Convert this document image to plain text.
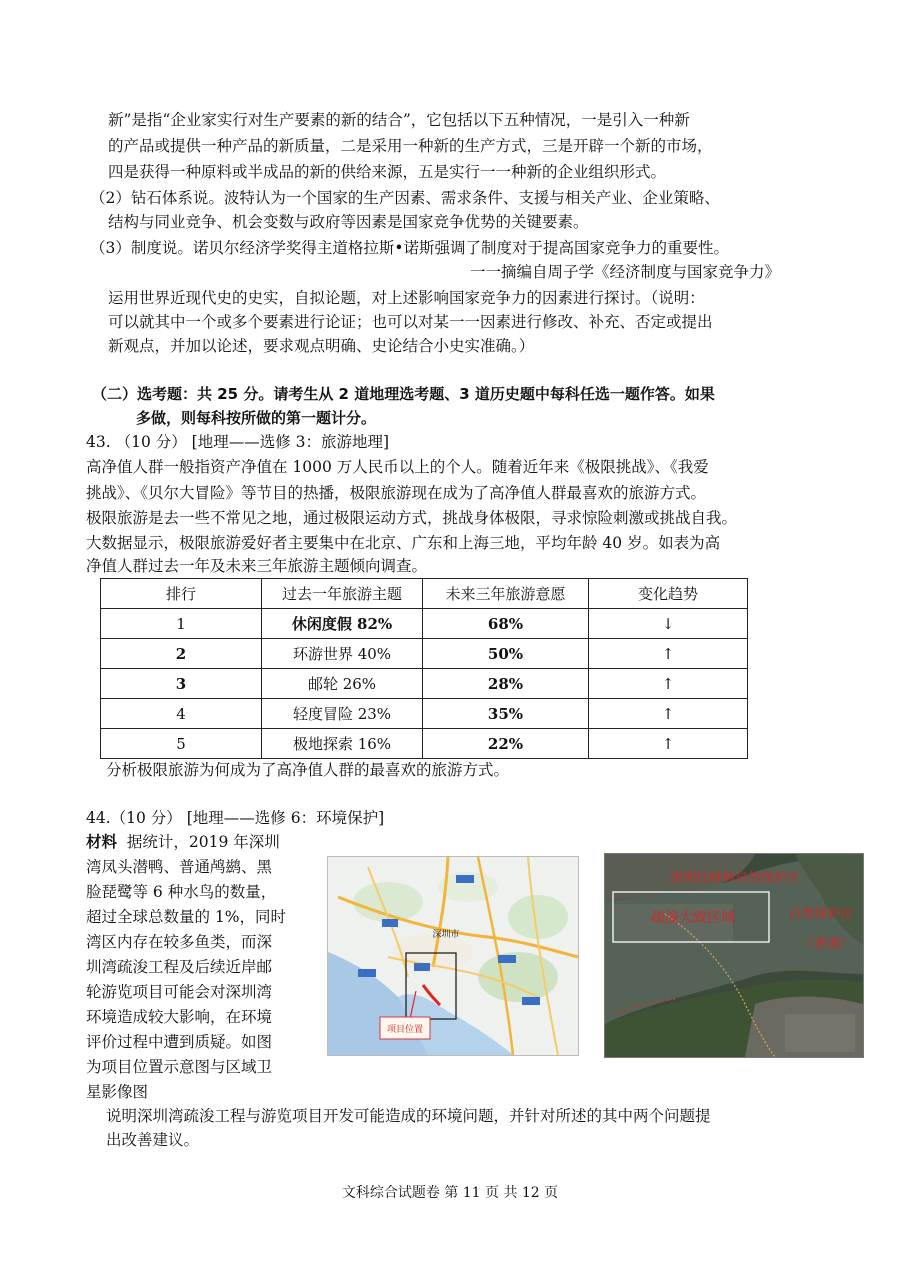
新”是指“企业家实行对生产要素的新的结合”，它包括以下五种情况，一是引入一种新
的产品或提供一种产品的新质量，二是采用一种新的生产方式，三是开辟一个新的市场，
四是获得一种原料或半成品的新的供给来源，五是实行一一种新的企业组织形式。
（2）钻石体系说。波特认为一个国家的生产因素、需求条件、支援与相关产业、企业策略、
结构与同业竞争、机会变数与政府等因素是国家竞争优势的关键要素。
（3）制度说。诺贝尔经济学奖得主道格拉斯•诺斯强调了制度对于提高国家竞争力的重要性。
一一摘编自周子学《经济制度与国家竞争力》
运用世界近现代史的史实，自拟论题，对上述影响国家竞争力的因素进行探讨。（说明：
可以就其中一个或多个要素进行论证；也可以对某一一因素进行修改、补充、否定或提出
新观点，并加以论述，要求观点明确、史论结合小史实准确。）
（二）选考题：共 25 分。请考生从 2 道地理选考题、3 道历史题中每科任选一题作答。如果
多做，则每科按所做的第一题计分。
43. （10 分） [地理——选修 3：旅游地理]
高净值人群一般指资产净值在 1000 万人民币以上的个人。随着近年来《极限挑战》、《我爱
挑战》、《贝尔大冒险》等节目的热播，极限旅游现在成为了高净值人群最喜欢的旅游方式。
极限旅游是去一些不常见之地，通过极限运动方式，挑战身体极限，寻求惊险刺激或挑战自我。
大数据显示，极限旅游爱好者主要集中在北京、广东和上海三地，平均年龄 40 岁。如表为高
净值人群过去一年及未来三年旅游主题倾向调查。
排行	过去一年旅游主题	未来三年旅游意愿	变化趋势
1	休闲度假 82%	68%	↓
2	环游世界 40%	50%	↑
3	邮轮 26%	28%	↑
4	轻度冒险 23%	35%	↑
5	极地探索 16%	22%	↑
分析极限旅游为何成为了高净值人群的最喜欢的旅游方式。
44.（10 分） [地理——选修 6：环境保护]
材料 据统计，2019 年深圳
湾凤头潜鸭、普通鸬鹚、黑
脸琵鹭等 6 种水鸟的数量，
超过全球总数量的 1%，同时
湾区内存在较多鱼类，而深
圳湾疏浚工程及后续近岸邮
轮游览项目可能会对深圳湾
环境造成较大影响，在环境
评价过程中遭到质疑。如图
为项目位置示意图与区域卫
星影像图
项目位置
深圳市
深圳红树林自然保护区
疏浚大致区域	自然保护区
（香港）
说明深圳湾疏浚工程与游览项目开发可能造成的环境问题，并针对所述的其中两个问题提
出改善建议。
文科综合试题卷 第 11 页 共 12 页
